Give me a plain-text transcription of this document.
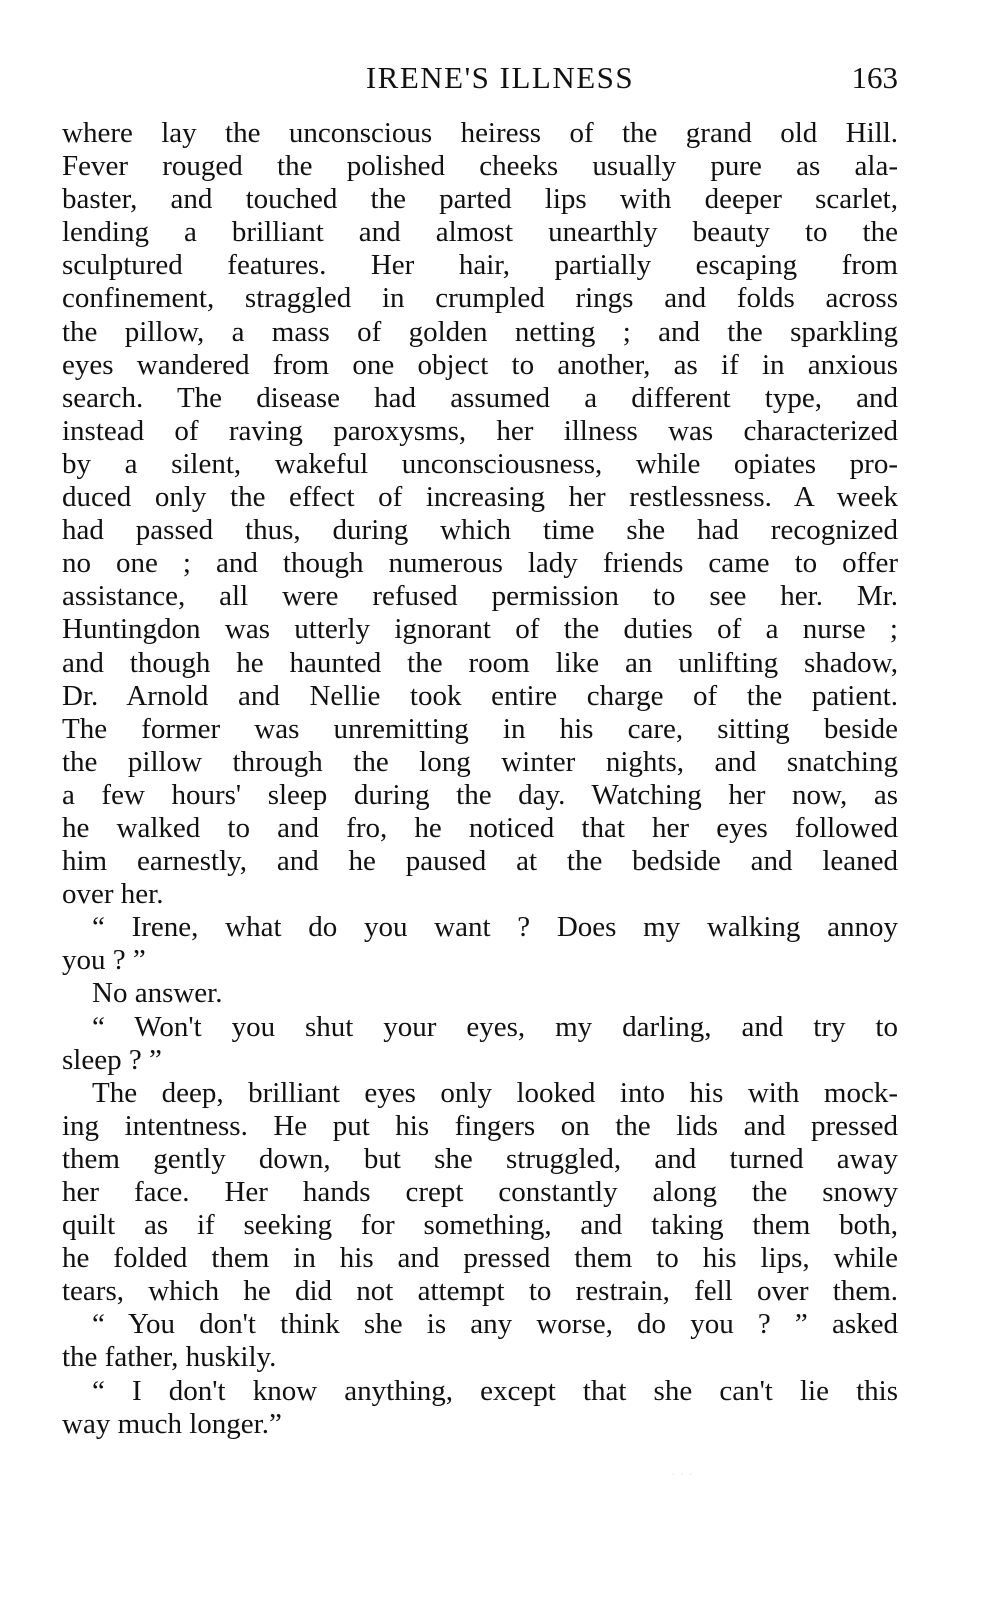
IRENE'S ILLNESS	163
where lay the unconscious heiress of the grand old Hill.
Fever rouged the polished cheeks usually pure as ala-
baster, and touched the parted lips with deeper scarlet,
lending a brilliant and almost unearthly beauty to the
sculptured features. Her hair, partially escaping from
confinement, straggled in crumpled rings and folds across
the pillow, a mass of golden netting ; and the sparkling
eyes wandered from one object to another, as if in anxious
search. The disease had assumed a different type, and
instead of raving paroxysms, her illness was characterized
by a silent, wakeful unconsciousness, while opiates pro-
duced only the effect of increasing her restlessness. A week
had passed thus, during which time she had recognized
no one ; and though numerous lady friends came to offer
assistance, all were refused permission to see her. Mr.
Huntingdon was utterly ignorant of the duties of a nurse ;
and though he haunted the room like an unlifting shadow,
Dr. Arnold and Nellie took entire charge of the patient.
The former was unremitting in his care, sitting beside
the pillow through the long winter nights, and snatching
a few hours' sleep during the day. Watching her now, as
he walked to and fro, he noticed that her eyes followed
him earnestly, and he paused at the bedside and leaned
over her.
“ Irene, what do you want ? Does my walking annoy
you ? ”
No answer.
“ Won't you shut your eyes, my darling, and try to
sleep ? ”
The deep, brilliant eyes only looked into his with mock-
ing intentness. He put his fingers on the lids and pressed
them gently down, but she struggled, and turned away
her face. Her hands crept constantly along the snowy
quilt as if seeking for something, and taking them both,
he folded them in his and pressed them to his lips, while
tears, which he did not attempt to restrain, fell over them.
“ You don't think she is any worse, do you ? ” asked
the father, huskily.
“ I don't know anything, except that she can't lie this
way much longer.”
· · ·
